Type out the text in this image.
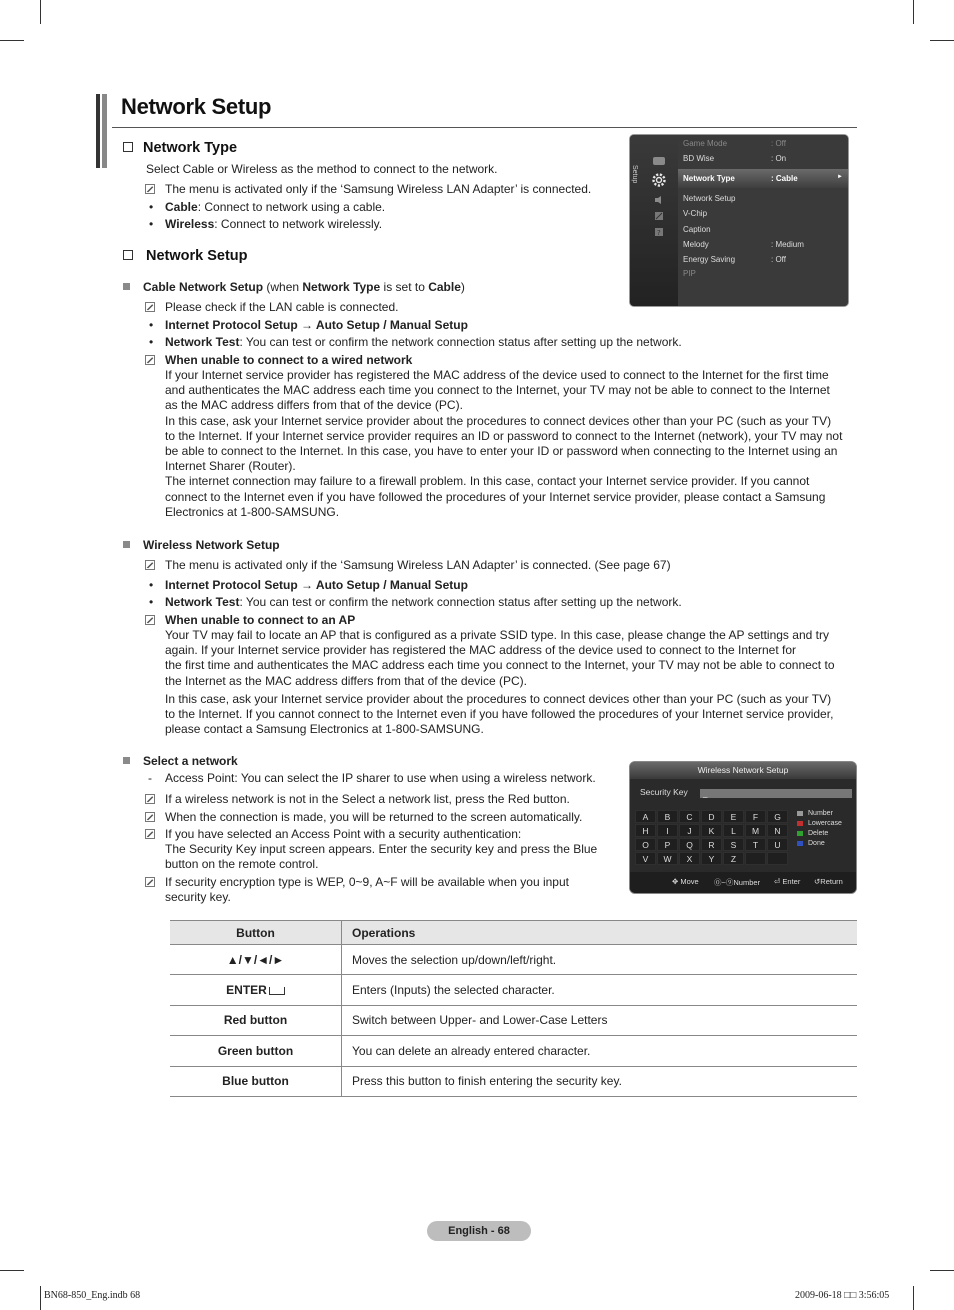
Network Setup
Network Type
Select Cable or Wireless as the method to connect to the network.
The menu is activated only if the ‘Samsung Wireless LAN Adapter’ is connected.
• Cable: Connect to network using a cable.
• Wireless: Connect to network wirelessly.
Setup
?
Game Mode	: Off
BD Wise	: On
Network Type	: Cable	►
Network Setup
V-Chip
Caption
Melody	: Medium
Energy Saving	: Off
PIP
Network Setup
Cable Network Setup (when Network Type is set to Cable)
Please check if the LAN cable is connected.
• Internet Protocol Setup → Auto Setup / Manual Setup
• Network Test: You can test or confirm the network connection status after setting up the network.
When unable to connect to a wired network
If your Internet service provider has registered the MAC address of the device used to connect to the Internet for the first time
and authenticates the MAC address each time you connect to the Internet, your TV may not be able to connect to the Internet
as the MAC address differs from that of the device (PC).
In this case, ask your Internet service provider about the procedures to connect devices other than your PC (such as your TV)
to the Internet. If your Internet service provider requires an ID or password to connect to the Internet (network), your TV may not
be able to connect to the Internet. In this case, you have to enter your ID or password when connecting to the Internet using an
Internet Sharer (Router).
The internet connection may failure to a firewall problem. In this case, contact your Internet service provider. If you cannot
connect to the Internet even if you have followed the procedures of your Internet service provider, please contact a Samsung
Electronics at 1-800-SAMSUNG.
Wireless Network Setup
The menu is activated only if the ‘Samsung Wireless LAN Adapter’ is connected. (See page 67)
• Internet Protocol Setup → Auto Setup / Manual Setup
• Network Test: You can test or confirm the network connection status after setting up the network.
When unable to connect to an AP
Your TV may fail to locate an AP that is configured as a private SSID type. In this case, please change the AP settings and try
again. If your Internet service provider has registered the MAC address of the device used to connect to the Internet for
the first time and authenticates the MAC address each time you connect to the Internet, your TV may not be able to connect to
the Internet as the MAC address differs from that of the device (PC).
In this case, ask your Internet service provider about the procedures to connect devices other than your PC (such as your TV)
to the Internet. If you cannot connect to the Internet even if you have followed the procedures of your Internet service provider,
please contact a Samsung Electronics at 1-800-SAMSUNG.
Select a network
- Access Point: You can select the IP sharer to use when using a wireless network.
If a wireless network is not in the Select a network list, press the Red button.
When the connection is made, you will be returned to the screen automatically.
If you have selected an Access Point with a security authentication:
The Security Key input screen appears. Enter the security key and press the Blue
button on the remote control.
If security encryption type is WEP, 0~9, A~F will be available when you input
security key.
Wireless Network Setup
Security Key	_
A	B	C	D	E	F	G
H	I	J	K	L	M	N
O	P	Q	R	S	T	U
V	W	X	Y	Z
Number
Lowercase
Delete
Done
✥ Move ⓪~⑨Number ⏎ Enter ↺Return
Button	Operations
▲/▼/◄/►	Moves the selection up/down/left/right.
ENTER	Enters (Inputs) the selected character.
Red button	Switch between Upper- and Lower-Case Letters
Green button	You can delete an already entered character.
Blue button	Press this button to finish entering the security key.
English - 68
BN68-850_Eng.indb 68	2009-06-18 □□ 3:56:05
